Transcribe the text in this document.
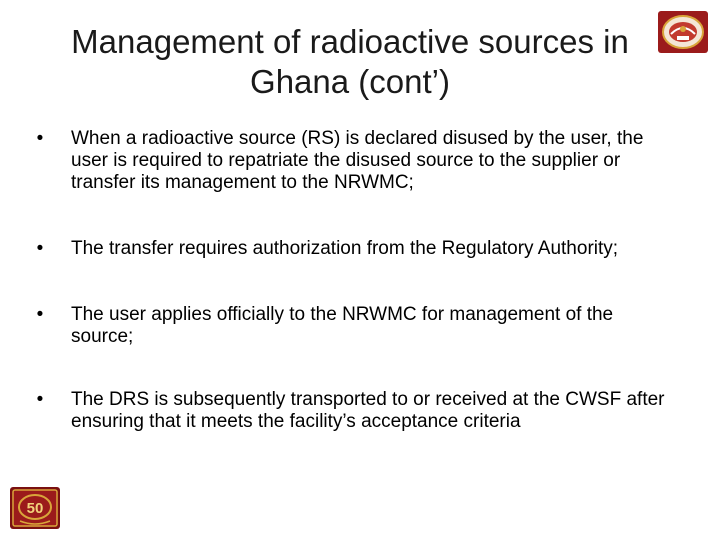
Management of radioactive sources in
Ghana (cont’)
•	When a radioactive source (RS) is declared disused by the user, the user is required to repatriate the disused source to the supplier or transfer its management to the NRWMC;
•	The transfer requires authorization from the Regulatory Authority;
•	The user applies officially to the NRWMC for management of the source;
•	The DRS is subsequently transported to or received at the CWSF after ensuring that it meets the facility’s acceptance criteria
50
